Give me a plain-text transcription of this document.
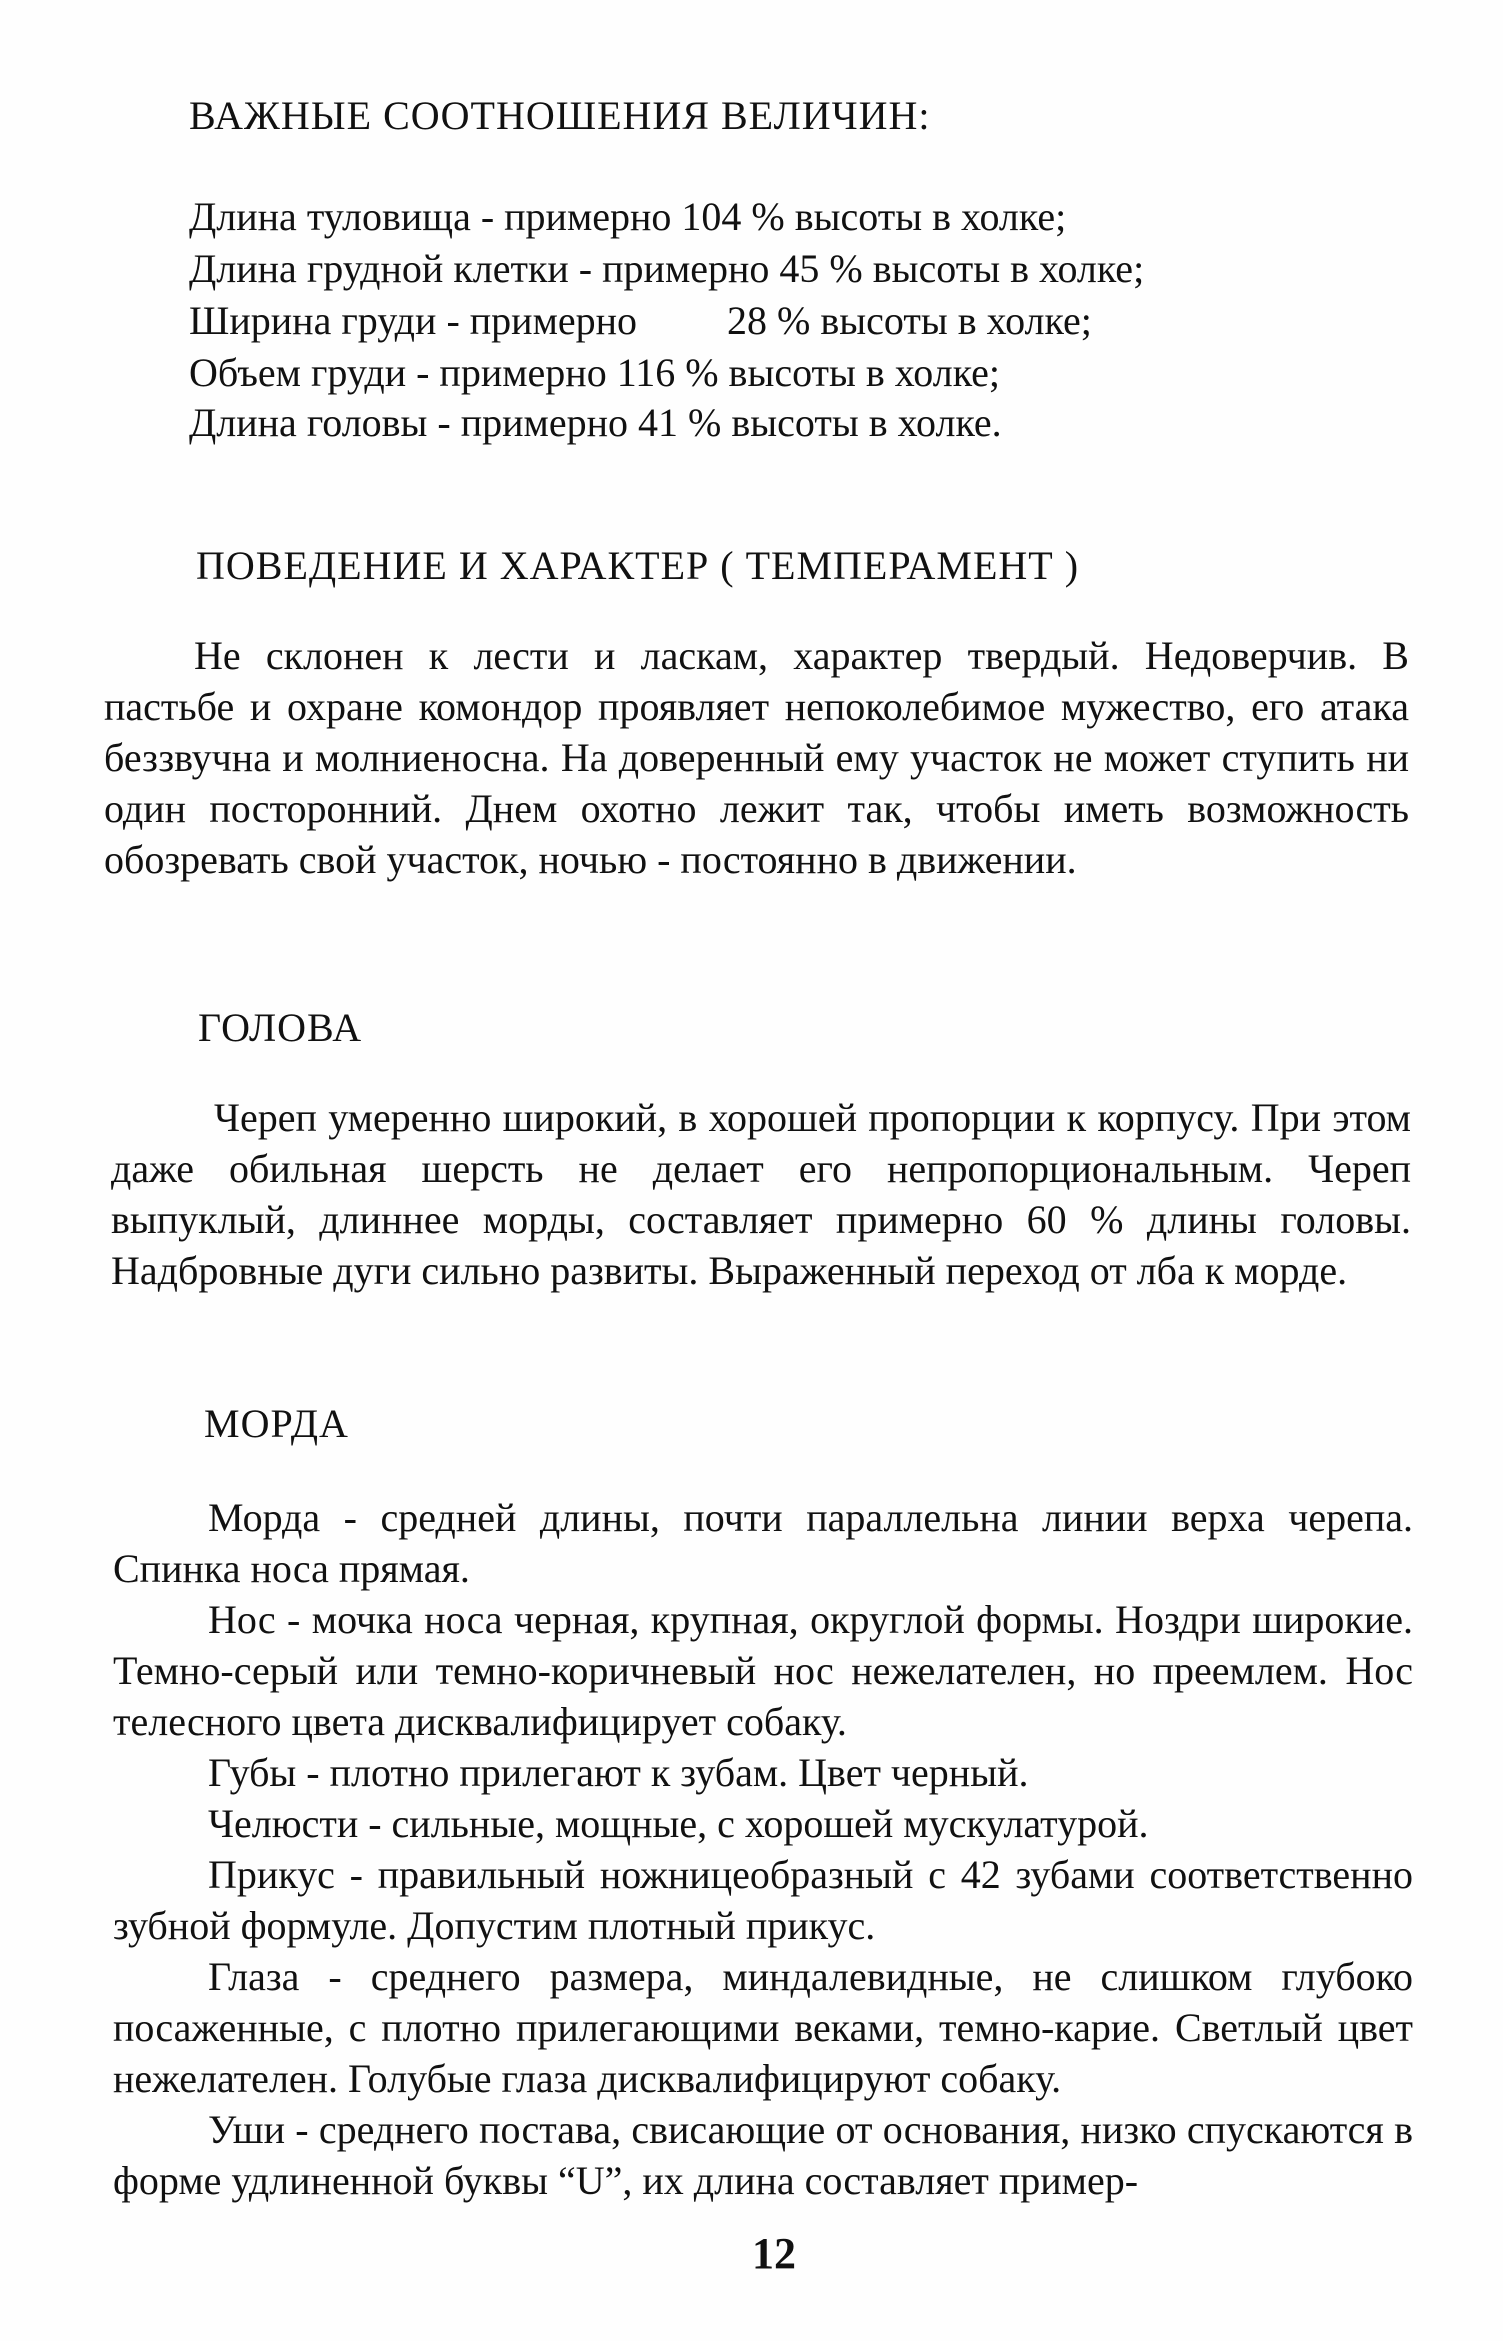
ВАЖНЫЕ СООТНОШЕНИЯ ВЕЛИЧИН:

Длина туловища - примерно 104 % высоты в холке;

Длина грудной клетки - примерно 45 % высоты в холке;

Ширина груди - примерно         28 % высоты в холке;

Объем груди - примерно 116 % высоты в холке;

Длина головы - примерно 41 % высоты в холке.

ПОВЕДЕНИЕ И ХАРАКТЕР ( ТЕМПЕРАМЕНТ )

Не склонен к лести и ласкам, характер твердый. Недоверчив. В пастьбе и охране комондор проявляет непоколебимое мужество, его атака беззвучна и молниеносна. На доверенный ему участок не может ступить ни один посторонний. Днем охотно лежит так, чтобы иметь возможность обозревать свой участок, ночью - постоянно в движении.

ГОЛОВА

Череп умеренно широкий, в хорошей пропорции к корпусу. При этом даже обильная шерсть не делает его непропорциональным. Череп выпуклый, длиннее морды, составляет примерно 60 % длины головы. Надбровные дуги сильно развиты. Выраженный переход от лба к морде.

МОРДА

Морда - средней длины, почти параллельна линии верха черепа. Спинка носа прямая.

Нос - мочка носа черная, крупная, округлой формы. Ноздри широкие. Темно-серый или темно-коричневый нос нежелателен, но преемлем. Нос телесного цвета дисквалифицирует собаку.

Губы - плотно прилегают к зубам. Цвет черный.

Челюсти - сильные, мощные, с хорошей мускулатурой.

Прикус - правильный ножницеобразный с 42 зубами соответственно зубной формуле. Допустим плотный прикус.

Глаза - среднего размера, миндалевидные, не слишком глубоко посаженные, с плотно прилегающими веками, темно-карие. Светлый цвет нежелателен. Голубые глаза дисквалифицируют собаку.

Уши - среднего постава, свисающие от основания, низко спускаются в форме удлиненной буквы “U”, их длина составляет пример-

12
